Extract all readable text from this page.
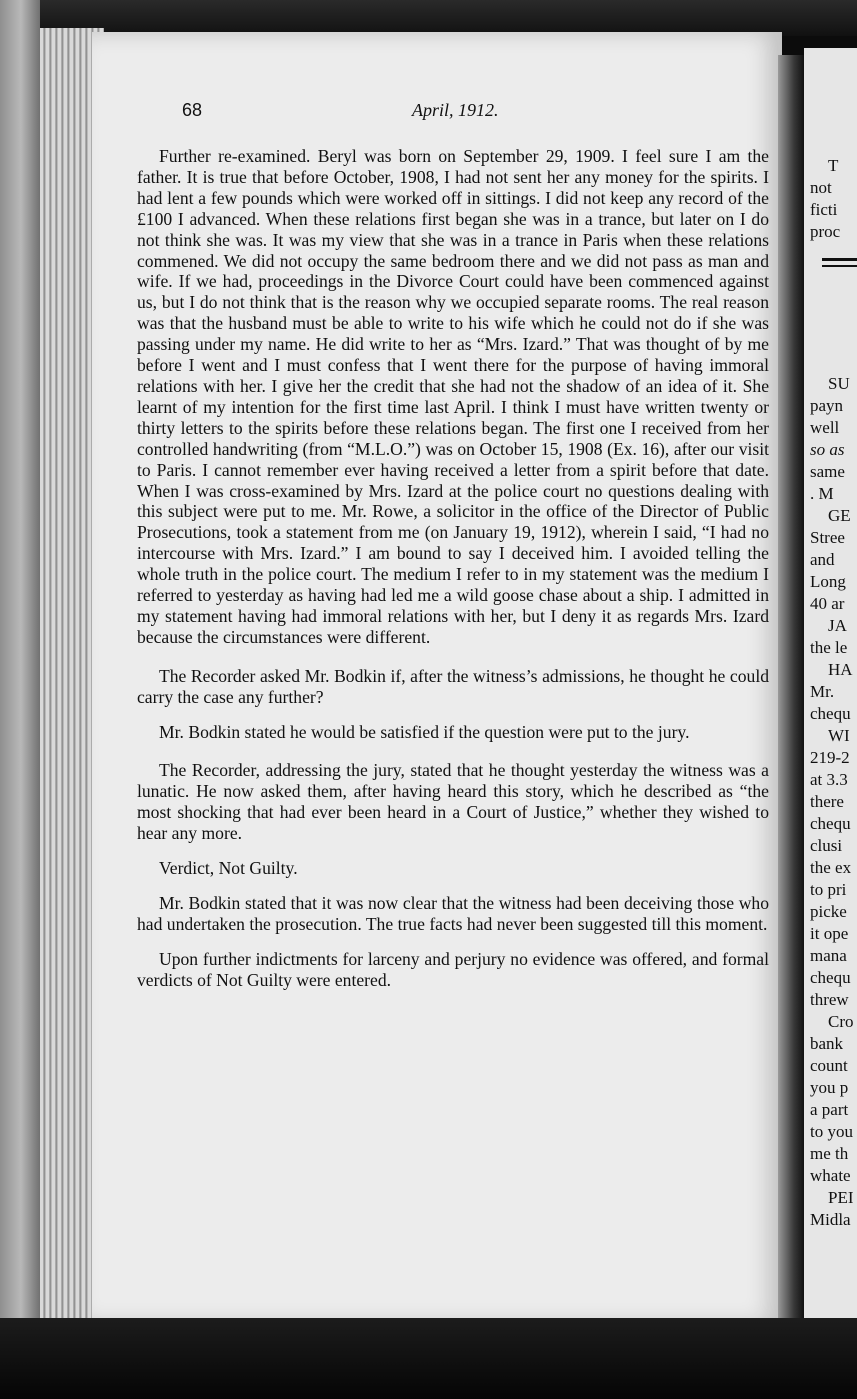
T
not
ficti
proc
SU
payn
well
so as
same
. M
GE
Stree
and
Long
40 ar
JA
the le
HA
Mr.
chequ
WI
219-2
at 3.3
there
chequ
clusi
the ex
to pri
picke
it ope
mana
chequ
threw
Cro
bank
count
you p
a part
to you
me th
whate
PEI
Midla
68	April, 1912.

Further re-examined. Beryl was born on September 29, 1909. I feel sure I am the father. It is true that before October, 1908, I had not sent her any money for the spirits. I had lent a few pounds which were worked off in sittings. I did not keep any record of the £100 I advanced. When these relations first began she was in a trance, but later on I do not think she was. It was my view that she was in a trance in Paris when these relations commened. We did not occupy the same bedroom there and we did not pass as man and wife. If we had, proceedings in the Divorce Court could have been commenced against us, but I do not think that is the reason why we occupied separate rooms. The real reason was that the husband must be able to write to his wife which he could not do if she was passing under my name. He did write to her as “Mrs. Izard.” That was thought of by me before I went and I must confess that I went there for the purpose of having immoral relations with her. I give her the credit that she had not the shadow of an idea of it. She learnt of my intention for the first time last April. I think I must have written twenty or thirty letters to the spirits before these relations began. The first one I received from her controlled handwriting (from “M.L.O.”) was on October 15, 1908 (Ex. 16), after our visit to Paris. I cannot remember ever having received a letter from a spirit before that date. When I was cross-examined by Mrs. Izard at the police court no questions dealing with this subject were put to me. Mr. Rowe, a solicitor in the office of the Director of Public Prosecutions, took a statement from me (on January 19, 1912), wherein I said, “I had no intercourse with Mrs. Izard.” I am bound to say I deceived him. I avoided telling the whole truth in the police court. The medium I refer to in my statement was the medium I referred to yesterday as having had led me a wild goose chase about a ship. I admitted in my statement having had immoral relations with her, but I deny it as regards Mrs. Izard because the circumstances were different.

The Recorder asked Mr. Bodkin if, after the witness’s admissions, he thought he could carry the case any further?

Mr. Bodkin stated he would be satisfied if the question were put to the jury.

The Recorder, addressing the jury, stated that he thought yesterday the witness was a lunatic. He now asked them, after having heard this story, which he described as “the most shocking that had ever been heard in a Court of Justice,” whether they wished to hear any more.

Verdict, Not Guilty.

Mr. Bodkin stated that it was now clear that the witness had been deceiving those who had undertaken the prosecution. The true facts had never been suggested till this moment.

Upon further indictments for larceny and perjury no evidence was offered, and formal verdicts of Not Guilty were entered.
